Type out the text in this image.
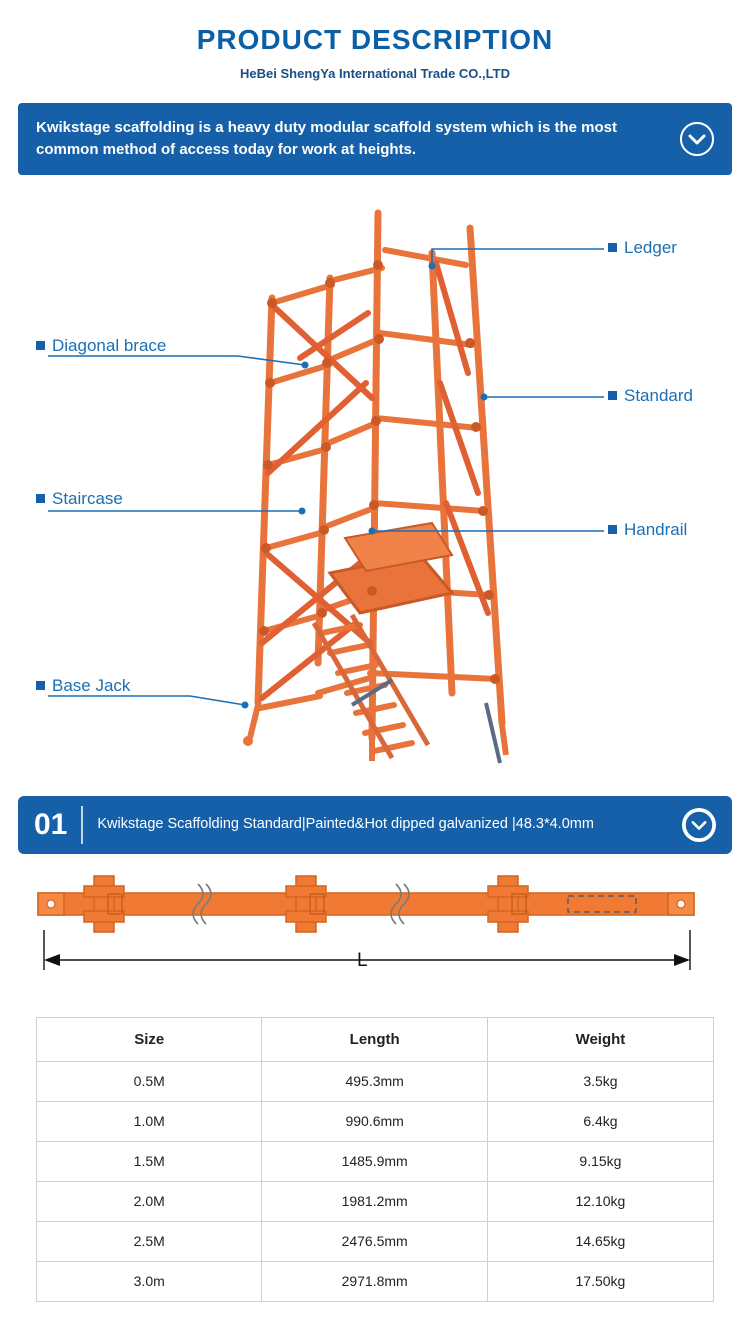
PRODUCT DESCRIPTION
HeBei ShengYa International Trade CO.,LTD
Kwikstage scaffolding is a heavy duty modular scaffold system which is the most common method of access today for work at heights.
Ledger
Diagonal brace
Standard
Staircase
Handrail
Base Jack
01	Kwikstage Scaffolding Standard|Painted&Hot dipped galvanized |48.3*4.0mm
L
Size	Length	Weight
0.5M	495.3mm	3.5kg
1.0M	990.6mm	6.4kg
1.5M	1485.9mm	9.15kg
2.0M	1981.2mm	12.10kg
2.5M	2476.5mm	14.65kg
3.0m	2971.8mm	17.50kg
